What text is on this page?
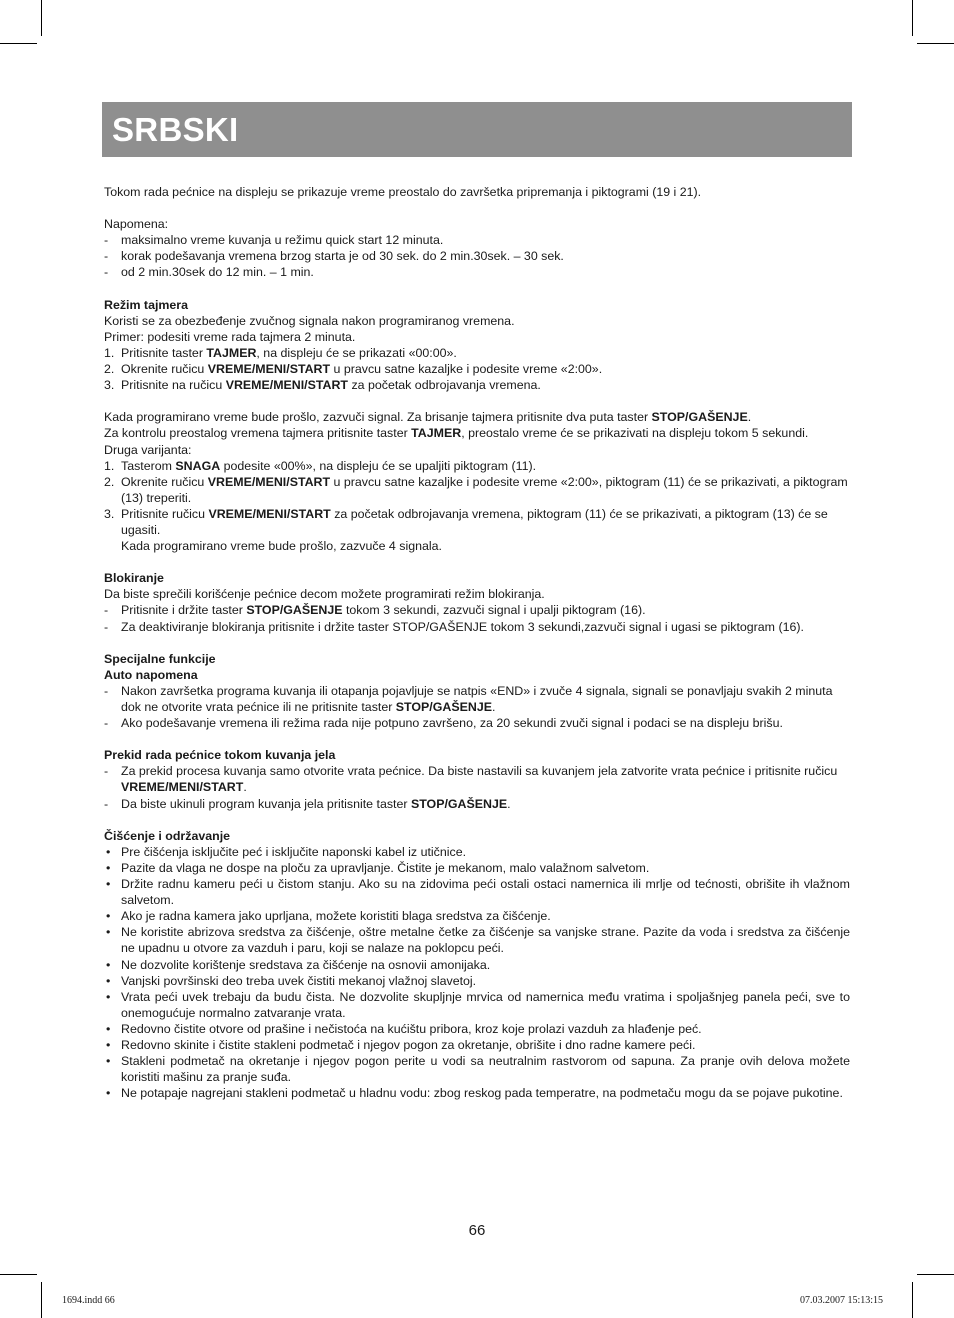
SRBSKI

Tokom rada pećnice na displeju se prikazuje vreme preostalo do završetka pripremanja i piktogrami (19 i 21).

Napomena:

- maksimalno vreme kuvanja u režimu quick start 12 minuta.
- korak podešavanja vremena brzog starta je od 30 sek. do 2 min.30sek. – 30 sek.
- od 2 min.30sek do 12 min. – 1 min.

Režim tajmera

Koristi se za obezbeđenje zvučnog signala nakon programiranog vremena.

Primer: podesiti vreme rada tajmera 2 minuta.

1. Pritisnite taster TAJMER, na displeju će se prikazati «00:00».
2. Okrenite ručicu VREME/MENI/START u pravcu satne kazaljke i podesite vreme «2:00».
3. Pritisnite na ručicu VREME/MENI/START za početak odbrojavanja vremena.

Kada programirano vreme bude prošlo, zazvuči signal. Za brisanje tajmera pritisnite dva puta taster STOP/GAŠENJE.

Za kontrolu preostalog vremena tajmera pritisnite taster TAJMER, preostalo vreme će se prikazivati na displeju tokom 5 sekundi.

Druga varijanta:

1. Tasterom SNAGA podesite «00%», na displeju će se upaljiti piktogram (11).
2. Okrenite ručicu VREME/MENI/START u pravcu satne kazaljke i podesite vreme «2:00», piktogram (11) će se prikazivati, a piktogram (13) treperiti.
3. Pritisnite ručicu VREME/MENI/START za početak odbrojavanja vremena, piktogram (11) će se prikazivati, a piktogram (13) će se ugasiti.
Kada programirano vreme bude prošlo, zazvuče 4 signala.

Blokiranje

Da biste sprečili korišćenje pećnice decom možete programirati režim blokiranja.

- Pritisnite i držite taster STOP/GAŠENJE tokom 3 sekundi, zazvuči signal i upalji piktogram (16).
- Za deaktiviranje blokiranja pritisnite i držite taster STOP/GAŠENJE tokom 3 sekundi,zazvuči signal i ugasi se piktogram (16).

Specijalne funkcije

Auto napomena

- Nakon završetka programa kuvanja ili otapanja pojavljuje se natpis «END» i zvuče 4 signala, signali se ponavljaju svakih 2 minuta dok ne otvorite vrata pećnice ili ne pritisnite taster STOP/GAŠENJE.
- Ako podešavanje vremena ili režima rada nije potpuno završeno, za 20 sekundi zvuči signal i podaci se na displeju brišu.

Prekid rada pećnice tokom kuvanja jela

- Za prekid procesa kuvanja samo otvorite vrata pećnice. Da biste nastavili sa kuvanjem jela zatvorite vrata pećnice i pritisnite ručicu VREME/MENI/START.
- Da biste ukinuli program kuvanja jela pritisnite taster STOP/GAŠENJE.

Čišćenje i održavanje

• Pre čišćenja isključite peć i isključite naponski kabel iz utičnice.
• Pazite da vlaga ne dospe na ploču za upravljanje. Čistite je mekanom, malo valažnom salvetom.
• Držite radnu kameru peći u čistom stanju. Ako su na zidovima peći ostali ostaci namernica ili mrlje od tećnosti, obrišite ih vlažnom salvetom.
• Ako je radna kamera jako uprljana, možete koristiti blaga sredstva za čišćenje.
• Ne koristite abrizova sredstva za čišćenje, oštre metalne četke za čišćenje sa vanjske strane. Pazite da voda i sredstva za čišćenje ne upadnu u otvore za vazduh i paru, koji se nalaze na poklopcu peći.
• Ne dozvolite korištenje sredstava za čišćenje na osnovii amonijaka.
• Vanjski površinski deo treba uvek čistiti mekanoj vlažnoj slavetoj.
• Vrata peći uvek trebaju da budu čista. Ne dozvolite skupljnje mrvica od namernica među vratima i spoljašnjeg panela peći, sve to onemogućuje normalno zatvaranje vrata.
• Redovno čistite otvore od prašine i nečistoća na kućištu pribora, kroz koje prolazi vazduh za hlađenje peć.
• Redovno skinite i čistite stakleni podmetač i njegov pogon za okretanje, obrišite i dno radne kamere peći.
• Stakleni podmetač na okretanje i njegov pogon perite u vodi sa neutralnim rastvorom od sapuna. Za pranje ovih delova možete koristiti mašinu za pranje suđa.
• Ne potapaje nagrejani stakleni podmetač u hladnu vodu: zbog reskog pada temperatre, na podmetaču mogu da se pojave pukotine.
66
1694.indd 66	07.03.2007 15:13:15
